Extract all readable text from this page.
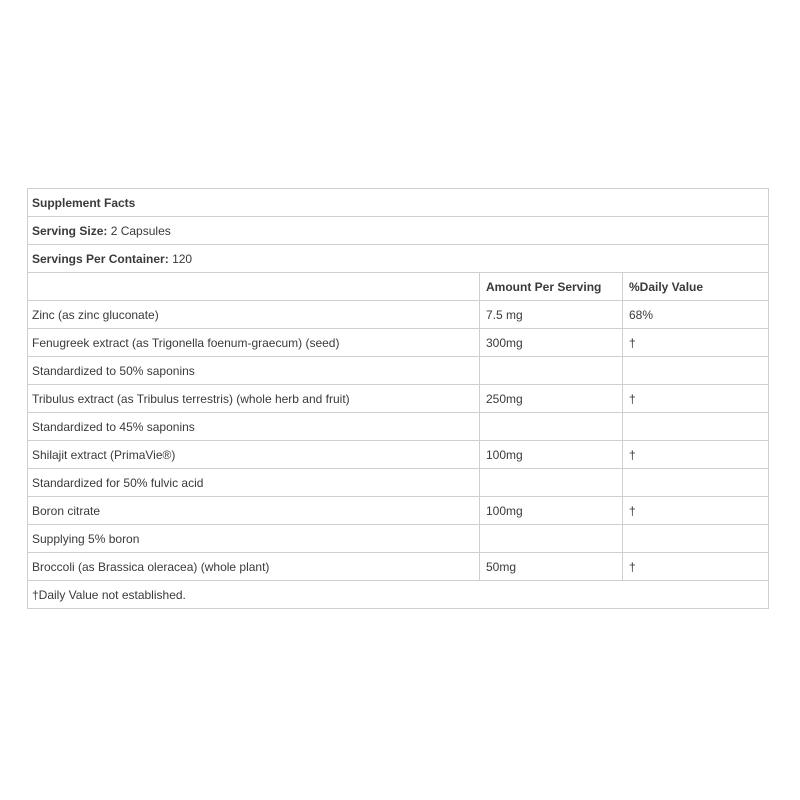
Supplement Facts		
Serving Size: 2 Capsules		
Servings Per Container: 120		
	Amount Per Serving	%Daily Value
Zinc (as zinc gluconate)	7.5 mg	68%
Fenugreek extract (as Trigonella foenum-graecum) (seed)	300mg	†
Standardized to 50% saponins		
Tribulus extract (as Tribulus terrestris) (whole herb and fruit)	250mg	†
Standardized to 45% saponins		
Shilajit extract (PrimaVie®)	100mg	†
Standardized for 50% fulvic acid		
Boron citrate	100mg	†
Supplying 5% boron		
Broccoli (as Brassica oleracea) (whole plant)	50mg	†
†Daily Value not established.		
